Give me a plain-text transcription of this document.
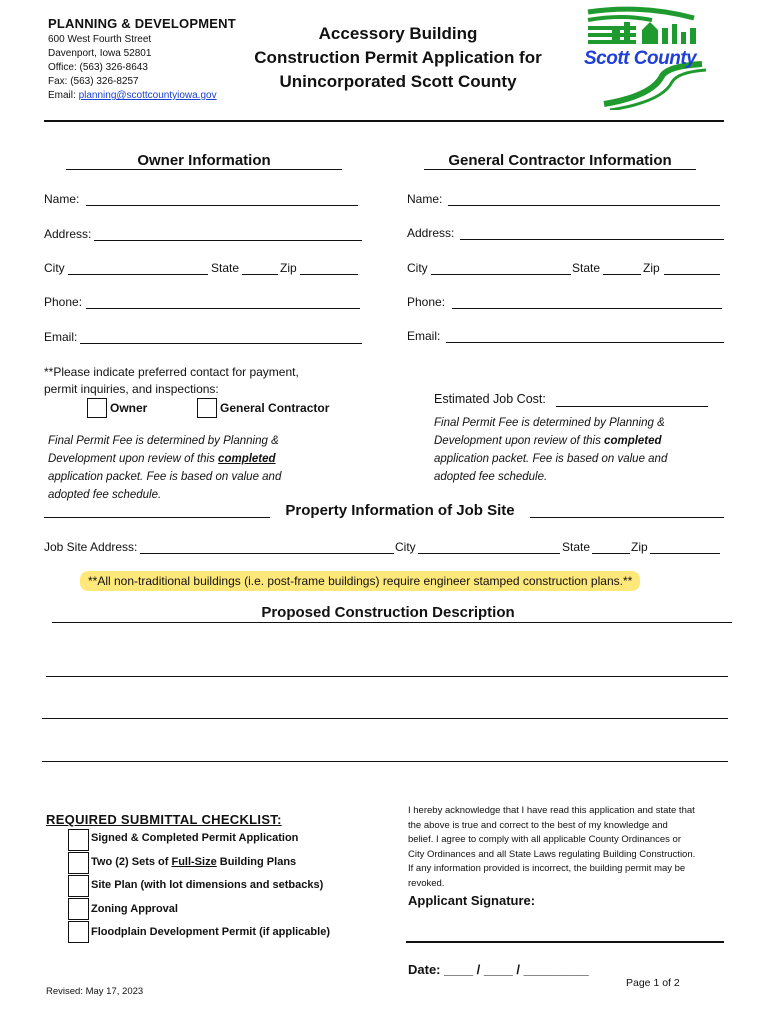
PLANNING & DEVELOPMENT
600 West Fourth Street
Davenport, Iowa 52801
Office: (563) 326-8643
Fax: (563) 326-8257
Email: planning@scottcountyiowa.gov
Accessory Building
Construction Permit Application for
Unincorporated Scott County
Scott County
Owner Information	General Contractor Information
Name:
Address:
City	State	Zip
Phone:
Email:
Name:
Address:
City	State	Zip
Phone:
Email:
**Please indicate preferred contact for payment,
permit inquiries, and inspections:
Owner	General Contractor
Final Permit Fee is determined by Planning &
Development upon review of this completed
application packet. Fee is based on value and
adopted fee schedule.
Estimated Job Cost:
Final Permit Fee is determined by Planning &
Development upon review of this completed
application packet. Fee is based on value and
adopted fee schedule.
Property Information of Job Site
Job Site Address:	City	State	Zip
**All non-traditional buildings (i.e. post-frame buildings) require engineer stamped construction plans.**
Proposed Construction Description
REQUIRED SUBMITTAL CHECKLIST:
Signed & Completed Permit Application
Two (2) Sets of Full-Size Building Plans
Site Plan (with lot dimensions and setbacks)
Zoning Approval
Floodplain Development Permit (if applicable)
I hereby acknowledge that I have read this application and state that
the above is true and correct to the best of my knowledge and
belief. I agree to comply with all applicable County Ordinances or
City Ordinances and all State Laws regulating Building Construction.
If any information provided is incorrect, the building permit may be
revoked.
Applicant Signature:
Date: ____ / ____ / _________
Revised: May 17, 2023
Page 1 of 2
